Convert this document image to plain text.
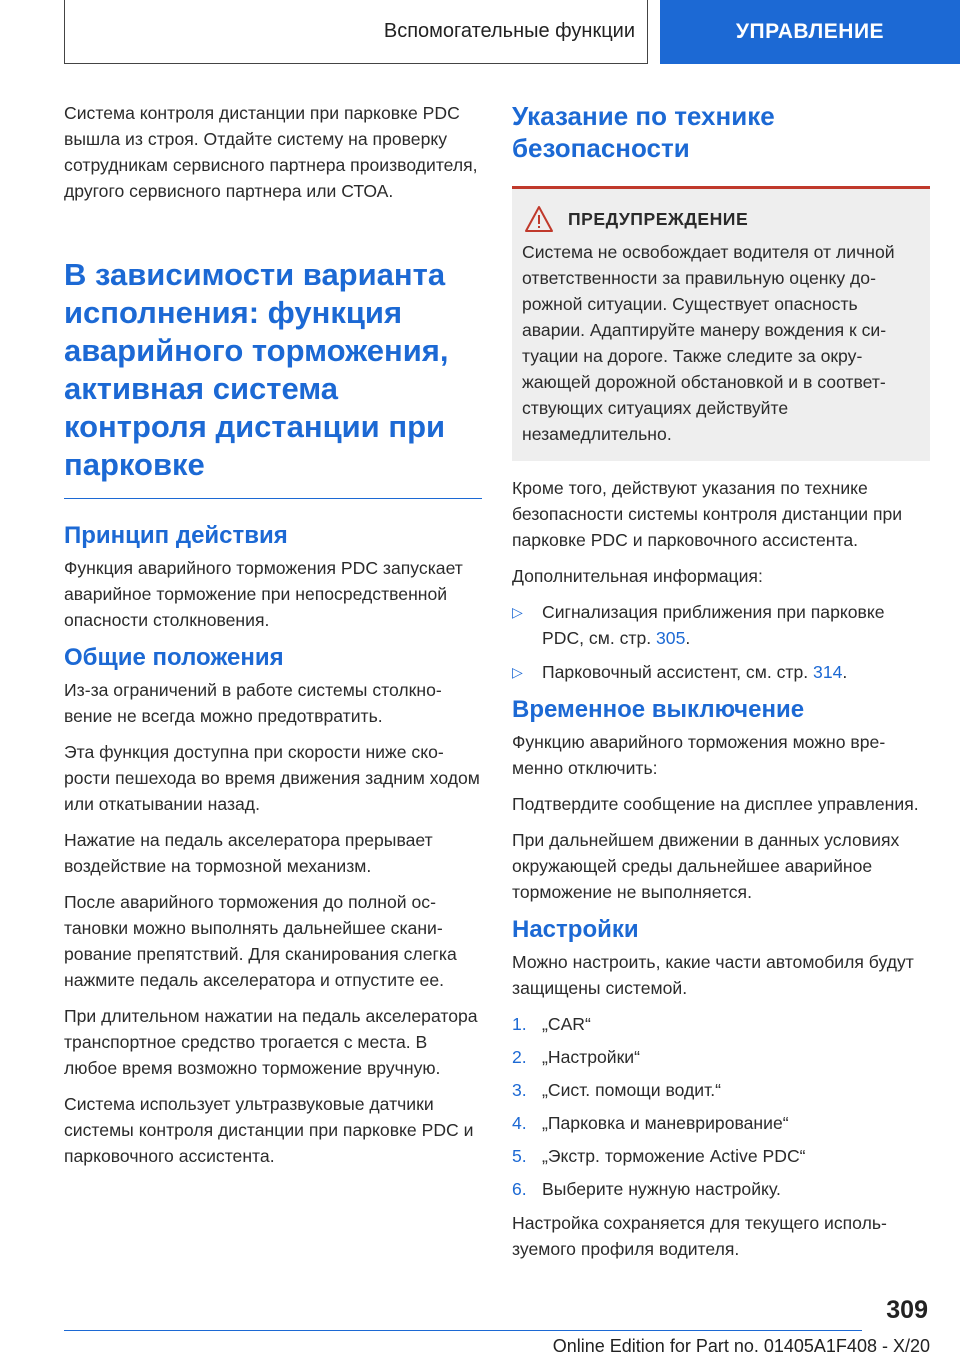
Вспомогательные функции	УПРАВЛЕНИЕ

Система контроля дистанции при парковке PDC вышла из строя. Отдайте систему на проверку сотрудникам сервисного партнера производителя, другого сервисного партнера или СТОА.

В зависимости варианта исполнения: функция аварийного торможения, активная система контроля дистанции при парковке
Принцип действия

Функция аварийного торможения PDC запускает аварийное торможение при непосредственной опасности столкновения.

Общие положения

Из-за ограничений в работе системы столкновение не всегда можно предотвратить.

Эта функция доступна при скорости ниже скорости пешехода во время движения задним ходом или откатывании назад.

Нажатие на педаль акселератора прерывает воздействие на тормозной механизм.

После аварийного торможения до полной остановки можно выполнять дальнейшее сканирование препятствий. Для сканирования слегка нажмите педаль акселератора и отпустите ее.

При длительном нажатии на педаль акселератора транспортное средство трогается с места. В любое время возможно торможение вручную.

Система использует ультразвуковые датчики системы контроля дистанции при парковке PDC и парковочного ассистента.

Указание по технике безопасности
ПРЕДУПРЕЖДЕНИЕ

Система не освобождает водителя от личной ответственности за правильную оценку дорожной ситуации. Существует опасность аварии. Адаптируйте манеру вождения к ситуации на дороге. Также следите за окружающей дорожной обстановкой и в соответствующих ситуациях действуйте незамедлительно.

Кроме того, действуют указания по технике безопасности системы контроля дистанции при парковке PDC и парковочного ассистента.

Дополнительная информация:

▷ Сигнализация приближения при парковке PDC, см. стр. 305.
▷ Парковочный ассистент, см. стр. 314.
Временное выключение

Функцию аварийного торможения можно временно отключить:

Подтвердите сообщение на дисплее управления.

При дальнейшем движении в данных условиях окружающей среды дальнейшее аварийное торможение не выполняется.

Настройки

Можно настроить, какие части автомобиля будут защищены системой.

1. „CAR“
2. „Настройки“
3. „Сист. помощи водит.“
4. „Парковка и маневрирование“
5. „Экстр. торможение Active PDC“
6. Выберите нужную настройку.

Настройка сохраняется для текущего используемого профиля водителя.

309
Online Edition for Part no. 01405A1F408 - X/20
